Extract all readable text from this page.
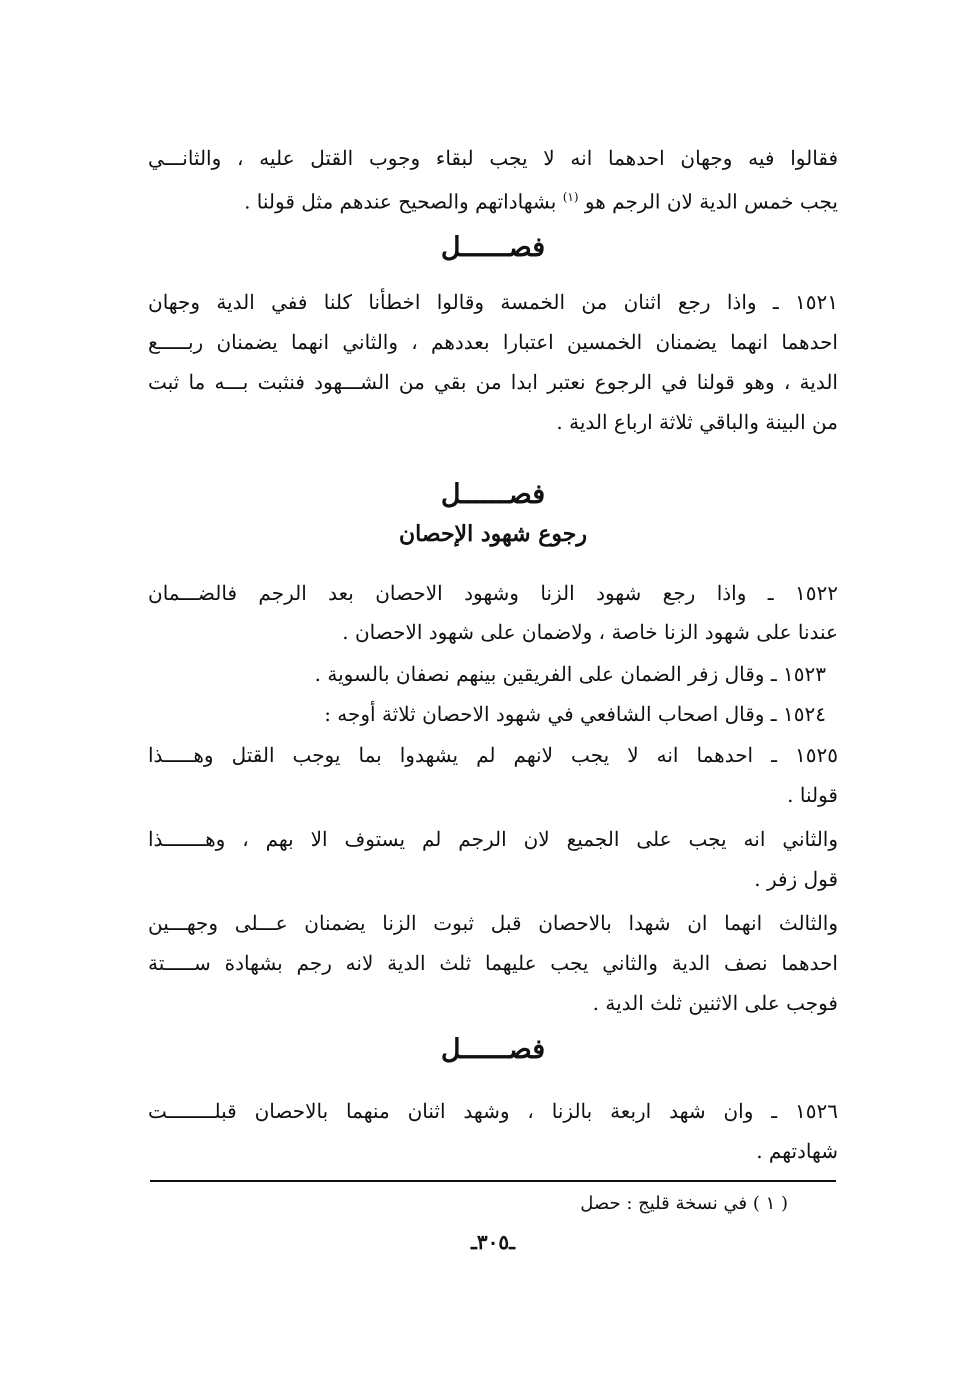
فقالوا فيه وجهان احدهما انه لا يجب لبقاء وجوب القتل عليه ، والثانـــي
يجب خمس الدية لان الرجم هو $^{(١)}$ بشهاداتهم والصحيح عندهم مثل قولنا .
فصــــــل
١٥٢١ ـ واذا رجع اثنان من الخمسة وقالوا اخطأنا كلنا ففي الدية وجهان
احدهما انهما يضمنان الخمسين اعتبارا بعددهم ، والثاني انهما يضمنان ربـــــع
الدية ، وهو قولنا في الرجوع نعتبر ابدا من بقي من الشـــهود فنثبت بـــه ما ثبت
من البينة والباقي ثلاثة ارباع الدية .
فصــــــل
رجوع شهود الإحصان
١٥٢٢ ـ واذا رجع شهود الزنا وشهود الاحصان بعد الرجم فالضـــمان
عندنا على شهود الزنا خاصة ، ولاضمان على شهود الاحصان .
١٥٢٣ ـ وقال زفر الضمان على الفريقين بينهم نصفان بالسوية .
١٥٢٤ ـ وقال اصحاب الشافعي في شهود الاحصان ثلاثة أوجه :
١٥٢٥ ـ احدهما انه لا يجب لانهم لم يشهدوا بما يوجب القتل وهـــــذا
قولنا .
والثاني انه يجب على الجميع لان الرجم لم يستوف الا بهم ، وهـــــــذا
قول زفر .
والثالث انهما ان شهدا بالاحصان قبل ثبوت الزنا يضمنان عـــلى وجهـــين
احدهما نصف الدية والثاني يجب عليهما ثلث الدية لانه رجم بشهادة ســـــتة
فوجب على الاثنين ثلث الدية .
فصــــــل
١٥٢٦ ـ وان شهد اربعة بالزنا ، وشهد اثنان منهما بالاحصان قبلــــــــت
شهادتهم .
( ١ ) في نسخة قليج : حصل
ـ٣٠٥ـ
